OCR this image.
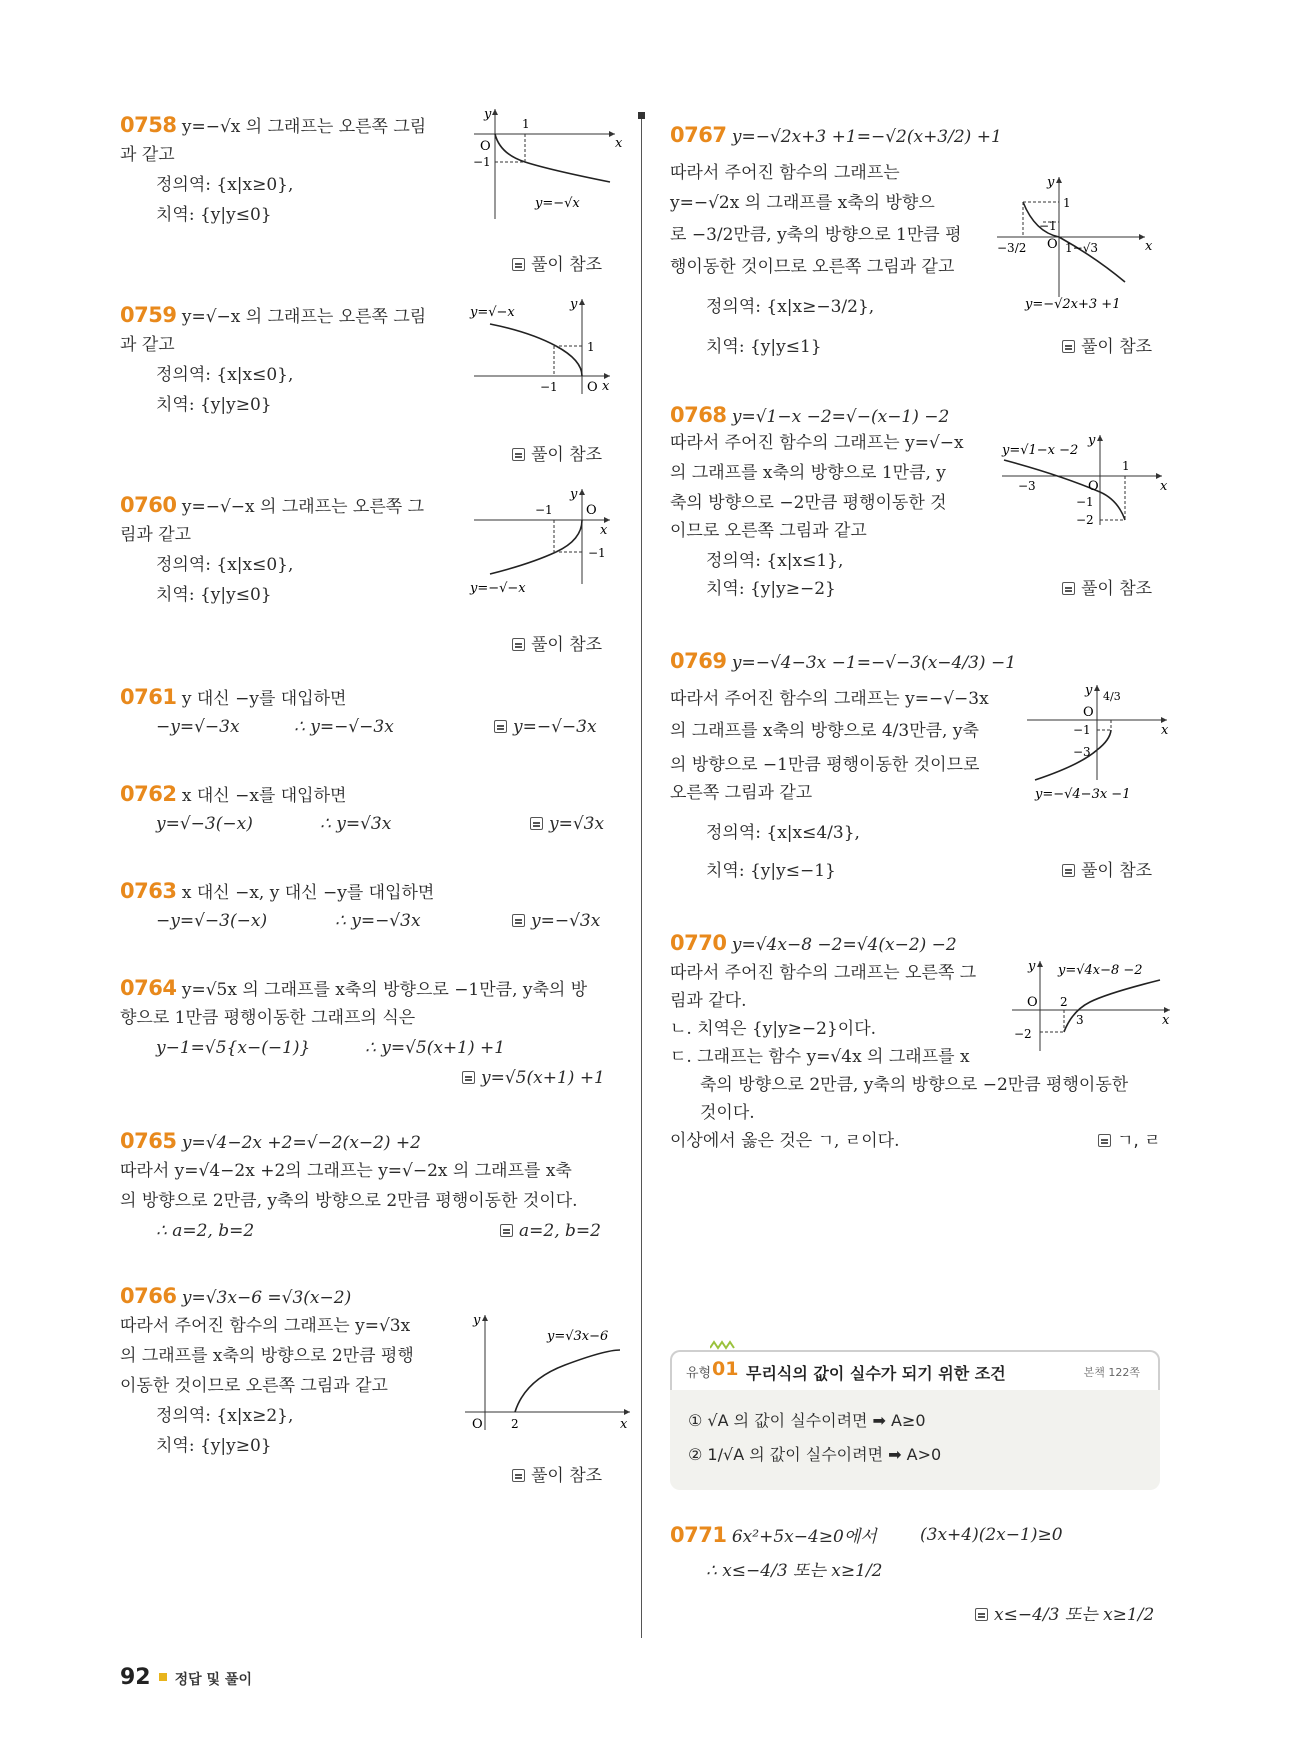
0758 y=−√x 의 그래프는 오른쪽 그림
과 같고
정의역: {x|x≥0},
치역: {y|y≤0}
풀이 참조
y
x
O
1
−1
y=−√x
0759 y=√−x 의 그래프는 오른쪽 그림
과 같고
정의역: {x|x≤0},
치역: {y|y≥0}
풀이 참조
y
x
O
1
−1
y=√−x
0760 y=−√−x 의 그래프는 오른쪽 그
림과 같고
정의역: {x|x≤0},
치역: {y|y≤0}
풀이 참조
y
x
O
−1
−1
y=−√−x
0761 y 대신 −y를 대입하면
−y=√−3x	∴ y=−√−3x	y=−√−3x
0762 x 대신 −x를 대입하면
y=√−3(−x)	∴ y=√3x	y=√3x
0763 x 대신 −x, y 대신 −y를 대입하면
−y=√−3(−x)	∴ y=−√3x	y=−√3x
0764 y=√5x 의 그래프를 x축의 방향으로 −1만큼, y축의 방
향으로 1만큼 평행이동한 그래프의 식은
y−1=√5{x−(−1)}	∴ y=√5(x+1) +1
y=√5(x+1) +1
0765 y=√4−2x +2=√−2(x−2) +2
따라서 y=√4−2x +2의 그래프는 y=√−2x 의 그래프를 x축
의 방향으로 2만큼, y축의 방향으로 2만큼 평행이동한 것이다.
∴ a=2, b=2	a=2, b=2
0766 y=√3x−6 =√3(x−2)
따라서 주어진 함수의 그래프는 y=√3x
의 그래프를 x축의 방향으로 2만큼 평행
이동한 것이므로 오른쪽 그림과 같고
정의역: {x|x≥2},
치역: {y|y≥0}
풀이 참조
y
x
O 2
y=√3x−6
0767 y=−√2x+3 +1=−√2(x+3/2) +1
따라서 주어진 함수의 그래프는
y=−√2x 의 그래프를 x축의 방향으
로 −3/2만큼, y축의 방향으로 1만큼 평
행이동한 것이므로 오른쪽 그림과 같고
정의역: {x|x≥−3/2},
치역: {y|y≤1}	풀이 참조
y
x
O
1
−1
−3/2	1−√3
y=−√2x+3 +1
0768 y=√1−x −2=√−(x−1) −2
따라서 주어진 함수의 그래프는 y=√−x
의 그래프를 x축의 방향으로 1만큼, y
축의 방향으로 −2만큼 평행이동한 것
이므로 오른쪽 그림과 같고
정의역: {x|x≤1},
치역: {y|y≥−2}	풀이 참조
y
x
O
1
−3
−1
−2
y=√1−x −2
0769 y=−√4−3x −1=−√−3(x−4/3) −1
따라서 주어진 함수의 그래프는 y=−√−3x
의 그래프를 x축의 방향으로 4/3만큼, y축
의 방향으로 −1만큼 평행이동한 것이므로
오른쪽 그림과 같고
정의역: {x|x≤4/3},
치역: {y|y≤−1}	풀이 참조
y
x
O
4/3
−1
−3
y=−√4−3x −1
0770 y=√4x−8 −2=√4(x−2) −2
따라서 주어진 함수의 그래프는 오른쪽 그
림과 같다.
ㄴ. 치역은 {y|y≥−2}이다.
ㄷ. 그래프는 함수 y=√4x 의 그래프를 x
축의 방향으로 2만큼, y축의 방향으로 −2만큼 평행이동한
것이다.
이상에서 옳은 것은 ㄱ, ㄹ이다.	ㄱ, ㄹ
y
x
O 2
3
−2
y=√4x−8 −2
0771 6x²+5x−4≥0에서	(3x+4)(2x−1)≥0
∴ x≤−4/3 또는 x≥1/2
x≤−4/3 또는 x≥1/2
유형 01 무리식의 값이 실수가 되기 위한 조건	본책 122쪽
① √A 의 값이 실수이려면 ➡ A≥0
② 1/√A 의 값이 실수이려면 ➡ A>0
92 정답 및 풀이
